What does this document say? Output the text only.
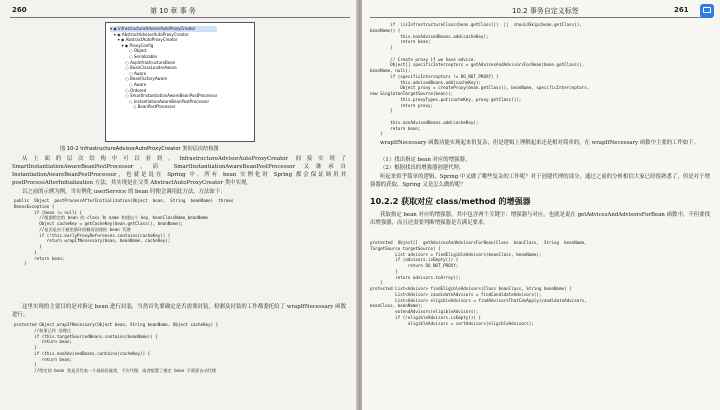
260	第 10 章 事 务
▾ ◉ InfrastructureAdvisorAutoProxyCreator
▾ ◉ AbstractAdvisorAutoProxyCreator
▾ ◉ AbstractAutoProxyCreator
▾ ◉ ProxyConfig
○ Object
○ Serializable
○ AopInfrastructureBean
○ BeanClassLoaderAware
○ Aware
○ BeanFactoryAware
○ Aware
○ Ordered
○ SmartInstantiationAwareBeanPostProcessor
○ InstantiationAwareBeanPostProcessor
○ BeanPostProcessor
图 10-2 InfrastructureAdvisorAutoProxyCreator 类的层次结构图
从上面的层次结构中可以看到，InfrastructureAdvisorAutoProxyCreator 间接实现了 SmartInstantiationAwareBeanPostProcessor，而 SmartInstantiationAwareBeanPostProcessor 又继承自 InstantiationAwareBeanPostProcessor，也就是说在 Spring 中，所有 bean 实例化时 Spring 都会保证调用其 postProcessAfterInitialization 方法，其实现是在父类 AbstractAutoProxyCreator 类中实现。
以之前的示例为例，当实例化 userService 的 bean 时便会调用此方法，方法如下：
public  Object  postProcessAfterInitialization(Object  bean,  String  beanName)  throws
BeansException {
if (bean != null) {
//根据给定的 bean 的 class 和 name 构建出个 key，beanClassName_beanName
Object cacheKey = getCacheKey(bean.getClass(), beanName);
//是否是由于避免循环依赖而创建的 bean 代理
if (!this.earlyProxyReferences.contains(cacheKey)) {
return wrapIfNecessary(bean, beanName, cacheKey);
}
}
return bean;
}
这里实现的主要目的是对指定 bean 进行封装，当然首先要确定是否需要封装，检测及封装的工作都委托给了 wrapIfNecessary 函数进行。
protected Object wrapIfNecessary(Object bean, String beanName, Object cacheKey) {
//如果已经 处理过
if (this.targetSourcedBeans.contains(beanName)) {
return bean;
}
if (this.nonAdvisedBeans.contains(cacheKey)) {
return bean;
}
//给定的 bean 类是否代表一个基础设施类，不应代理，或者配置了指定 bean 不需要自动代理
10.2 事务自定义标签	261
if  (isInfrastructureClass(bean.getClass())  ||  shouldSkip(bean.getClass(),
beanName)) {
this.nonAdvisedBeans.add(cacheKey);
return bean;
}

// Create proxy if we have advice.
Object[] specificInterceptors = getAdvicesAndAdvisorsForBean(bean.getClass(),
beanName, null);
if (specificInterceptors != DO_NOT_PROXY) {
this.advisedBeans.add(cacheKey);
Object proxy = createProxy(bean.getClass(), beanName, specificInterceptors,
new SingletonTargetSource(bean));
this.proxyTypes.put(cacheKey, proxy.getClass());
return proxy;
}

this.nonAdvisedBeans.add(cacheKey);
return bean;
}
wrapIfNecessary 函数功能实现起来很复杂，但是逻辑上理解起来还是相对简单的，在 wrapIfNecessary 函数中主要的工作如下。
（1）找出指定 bean 对应的增强器。
（2）根据找出的增强器创建代理。
听起来似乎简单的逻辑，Spring 中又做了哪些复杂的工作呢？对于创建代理的部分，通过之前的分析相信大家已经很熟悉了，但是对于增强器的获取，Spring 又是怎么做的呢？
10.2.2 获取对应 class/method 的增强器
获取指定 bean 对应的增强器，其中包含两个关键字：增强器与对应。也就是说在 getAdvicesAndAdvisorsForBean 函数中，不但要找出增强器，而且还需要判断增强器是否满足要求。
protected  Object[]  getAdvicesAndAdvisorsForBean(Class  beanClass,  String  beanName,
TargetSource targetSource) {
List advisors = findEligibleAdvisors(beanClass, beanName);
if (advisors.isEmpty()) {
return DO_NOT_PROXY;
}
return advisors.toArray();
}
protected List<Advisor> findEligibleAdvisors(Class beanClass, String beanName) {
List<Advisor> candidateAdvisors = findCandidateAdvisors();
List<Advisor> eligibleAdvisors = findAdvisorsThatCanApply(candidateAdvisors,
beanClass, beanName);
extendAdvisors(eligibleAdvisors);
if (!eligibleAdvisors.isEmpty()) {
eligibleAdvisors = sortAdvisors(eligibleAdvisors);
